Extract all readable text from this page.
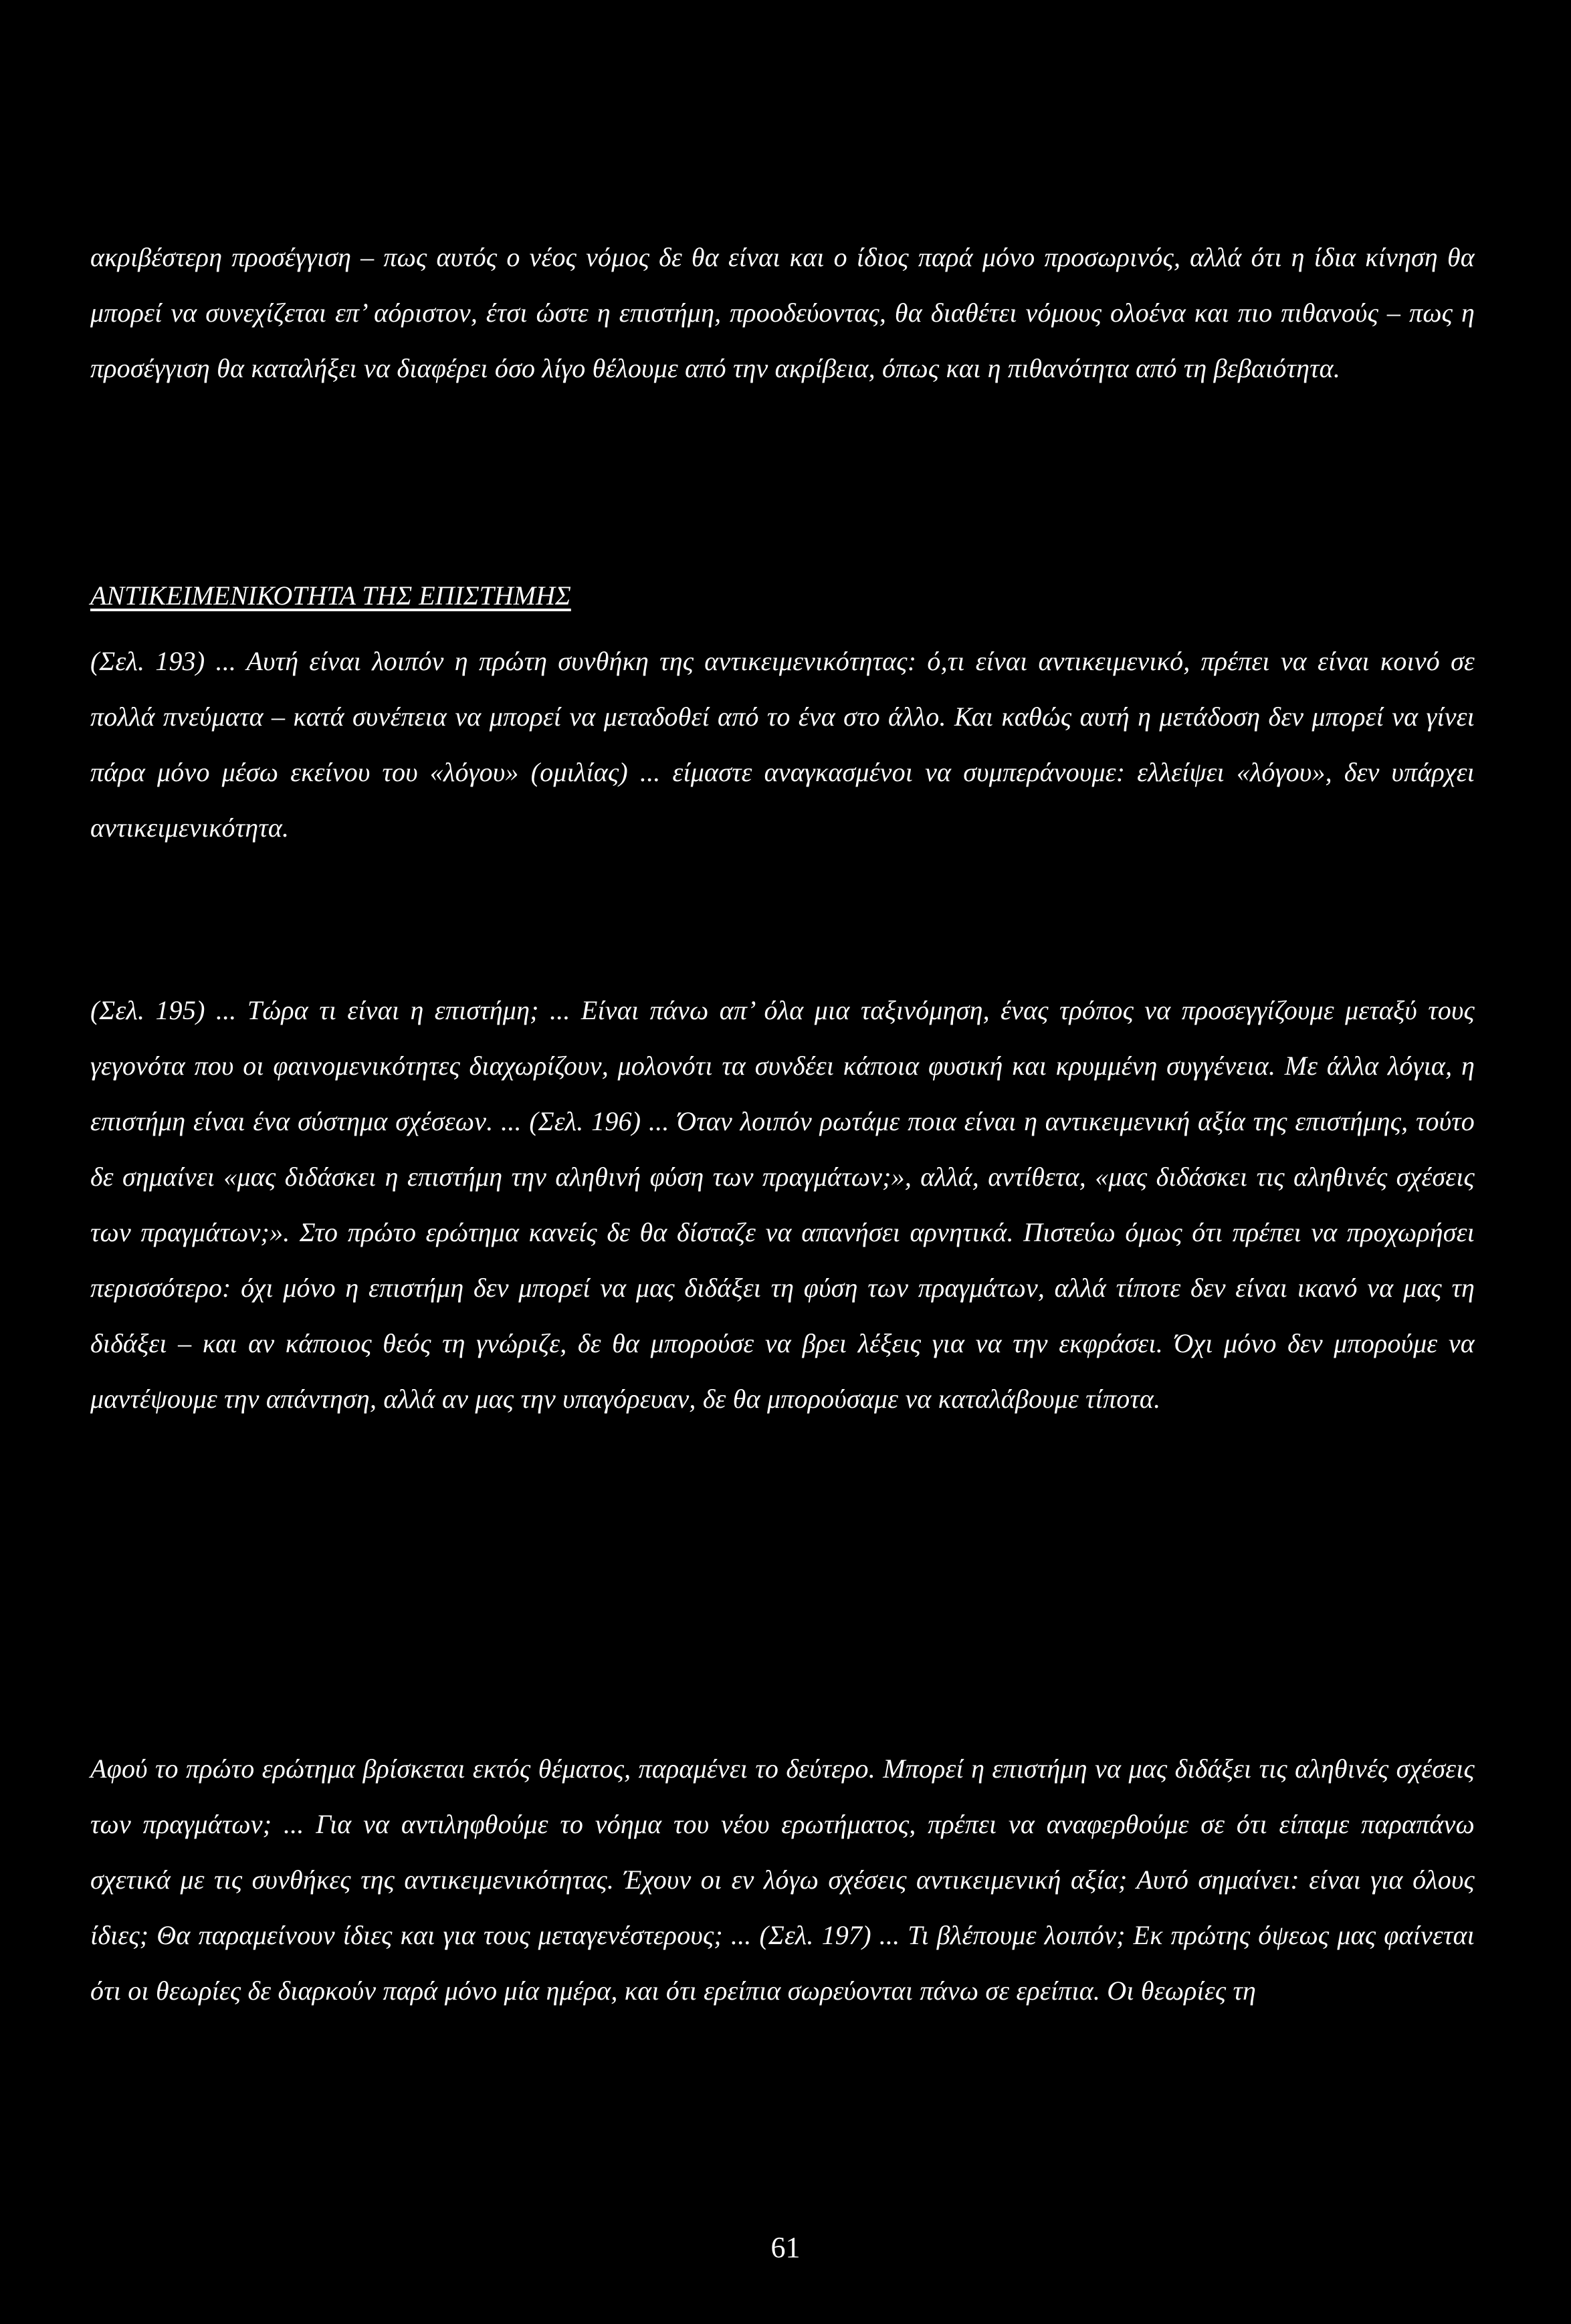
ακριβέστερη προσέγγιση – πως αυτός ο νέος νόμος δε θα είναι και ο ίδιος παρά μόνο προσωρινός, αλλά ότι η ίδια κίνηση θα μπορεί να συνεχίζεται επ’ αόριστον, έτσι ώστε η επιστήμη, προοδεύοντας, θα διαθέτει νόμους ολοένα και πιο πιθανούς – πως η προσέγγιση θα καταλήξει να διαφέρει όσο λίγο θέλουμε από την ακρίβεια, όπως και η πιθανότητα από τη βεβαιότητα.

ΑΝΤΙΚΕΙΜΕΝΙΚΟΤΗΤΑ ΤΗΣ ΕΠΙΣΤΗΜΗΣ

(Σελ. 193) ... Αυτή είναι λοιπόν η πρώτη συνθήκη της αντικειμενικότητας: ό,τι είναι αντικειμενικό, πρέπει να είναι κοινό σε πολλά πνεύματα – κατά συνέπεια να μπορεί να μεταδοθεί από το ένα στο άλλο. Και καθώς αυτή η μετάδοση δεν μπορεί να γίνει πάρα μόνο μέσω εκείνου του «λόγου» (ομιλίας) ... είμαστε αναγκασμένοι να συμπεράνουμε: ελλείψει «λόγου», δεν υπάρχει αντικειμενικότητα.

(Σελ. 195) ... Τώρα τι είναι η επιστήμη; ... Είναι πάνω απ’ όλα μια ταξινόμηση, ένας τρόπος να προσεγγίζουμε μεταξύ τους γεγονότα που οι φαινομενικότητες διαχωρίζουν, μολονότι τα συνδέει κάποια φυσική και κρυμμένη συγγένεια. Με άλλα λόγια, η επιστήμη είναι ένα σύστημα σχέσεων. ... (Σελ. 196) ... Όταν λοιπόν ρωτάμε ποια είναι η αντικειμενική αξία της επιστήμης, τούτο δε σημαίνει «μας διδάσκει η επιστήμη την αληθινή φύση των πραγμάτων;», αλλά, αντίθετα, «μας διδάσκει τις αληθινές σχέσεις των πραγμάτων;». Στο πρώτο ερώτημα κανείς δε θα δίσταζε να απανήσει αρνητικά. Πιστεύω όμως ότι πρέπει να προχωρήσει περισσότερο: όχι μόνο η επιστήμη δεν μπορεί να μας διδάξει τη φύση των πραγμάτων, αλλά τίποτε δεν είναι ικανό να μας τη διδάξει – και αν κάποιος θεός τη γνώριζε, δε θα μπορούσε να βρει λέξεις για να την εκφράσει. Όχι μόνο δεν μπορούμε να μαντέψουμε την απάντηση, αλλά αν μας την υπαγόρευαν, δε θα μπορούσαμε να καταλάβουμε τίποτα.

Αφού το πρώτο ερώτημα βρίσκεται εκτός θέματος, παραμένει το δεύτερο. Μπορεί η επιστήμη να μας διδάξει τις αληθινές σχέσεις των πραγμάτων; ... Για να αντιληφθούμε το νόημα του νέου ερωτήματος, πρέπει να αναφερθούμε σε ότι είπαμε παραπάνω σχετικά με τις συνθήκες της αντικειμενικότητας. Έχουν οι εν λόγω σχέσεις αντικειμενική αξία; Αυτό σημαίνει: είναι για όλους ίδιες; Θα παραμείνουν ίδιες και για τους μεταγενέστερους; ... (Σελ. 197) ... Τι βλέπουμε λοιπόν; Εκ πρώτης όψεως μας φαίνεται ότι οι θεωρίες δε διαρκούν παρά μόνο μία ημέρα, και ότι ερείπια σωρεύονται πάνω σε ερείπια. Οι θεωρίες τη

61
